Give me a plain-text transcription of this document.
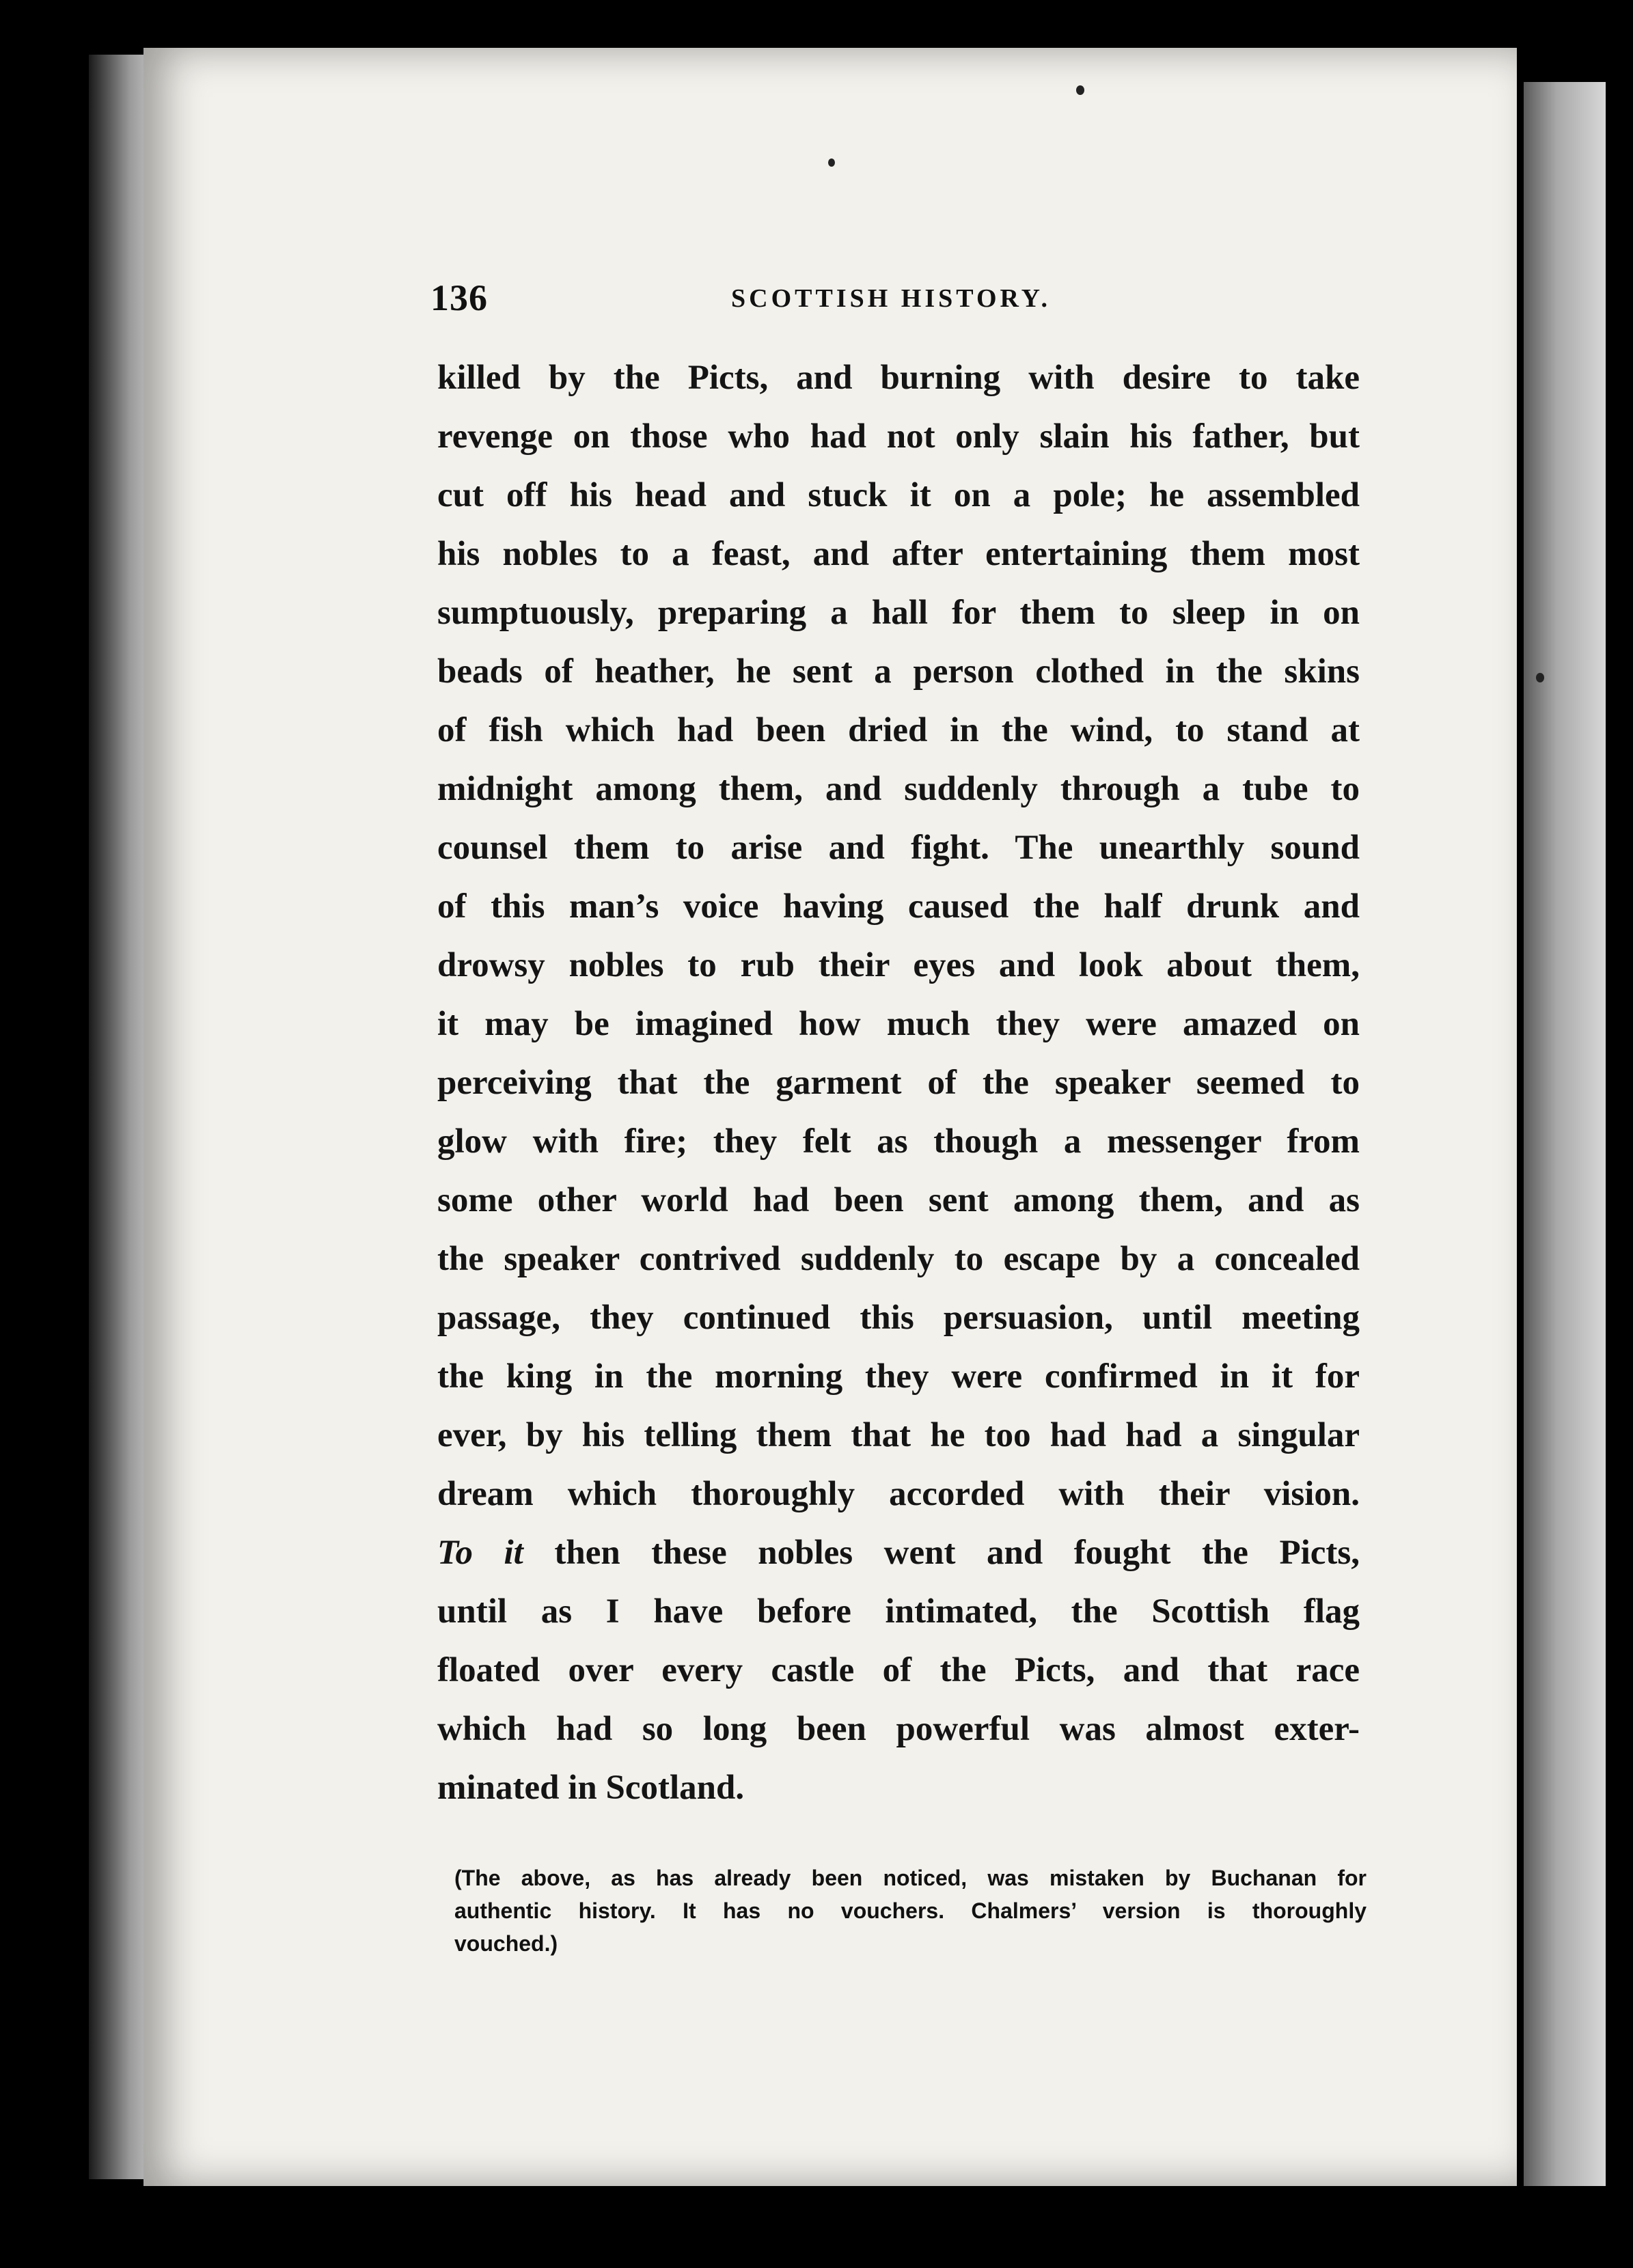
136	SCOTTISH HISTORY.
killed by the Picts, and burning with desire to take
revenge on those who had not only slain his father, but
cut off his head and stuck it on a pole; he assembled
his nobles to a feast, and after entertaining them most
sumptuously, preparing a hall for them to sleep in on
beads of heather, he sent a person clothed in the skins
of fish which had been dried in the wind, to stand at
midnight among them, and suddenly through a tube to
counsel them to arise and fight. The unearthly sound
of this man’s voice having caused the half drunk and
drowsy nobles to rub their eyes and look about them,
it may be imagined how much they were amazed on
perceiving that the garment of the speaker seemed to
glow with fire; they felt as though a messenger from
some other world had been sent among them, and as
the speaker contrived suddenly to escape by a concealed
passage, they continued this persuasion, until meeting
the king in the morning they were confirmed in it for
ever, by his telling them that he too had had a singular
dream which thoroughly accorded with their vision.
To it then these nobles went and fought the Picts,
until as I have before intimated, the Scottish flag
floated over every castle of the Picts, and that race
which had so long been powerful was almost exter-
minated in Scotland.
(The above, as has already been noticed, was mistaken by Buchanan for
authentic history. It has no vouchers. Chalmers’ version is thoroughly
vouched.)
